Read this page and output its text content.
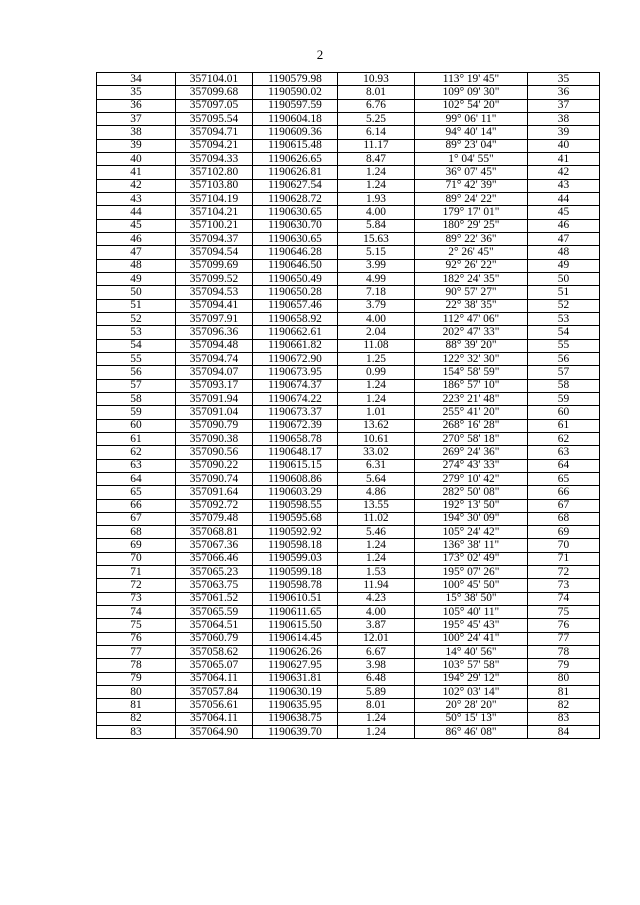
2
34	357104.01	1190579.98	10.93	113° 19' 45"	35
35	357099.68	1190590.02	8.01	109° 09' 30"	36
36	357097.05	1190597.59	6.76	102° 54' 20"	37
37	357095.54	1190604.18	5.25	99° 06' 11"	38
38	357094.71	1190609.36	6.14	94° 40' 14"	39
39	357094.21	1190615.48	11.17	89° 23' 04"	40
40	357094.33	1190626.65	8.47	1° 04' 55"	41
41	357102.80	1190626.81	1.24	36° 07' 45"	42
42	357103.80	1190627.54	1.24	71° 42' 39"	43
43	357104.19	1190628.72	1.93	89° 24' 22"	44
44	357104.21	1190630.65	4.00	179° 17' 01"	45
45	357100.21	1190630.70	5.84	180° 29' 25"	46
46	357094.37	1190630.65	15.63	89° 22' 36"	47
47	357094.54	1190646.28	5.15	2° 26' 45"	48
48	357099.69	1190646.50	3.99	92° 26' 22"	49
49	357099.52	1190650.49	4.99	182° 24' 35"	50
50	357094.53	1190650.28	7.18	90° 57' 27"	51
51	357094.41	1190657.46	3.79	22° 38' 35"	52
52	357097.91	1190658.92	4.00	112° 47' 06"	53
53	357096.36	1190662.61	2.04	202° 47' 33"	54
54	357094.48	1190661.82	11.08	88° 39' 20"	55
55	357094.74	1190672.90	1.25	122° 32' 30"	56
56	357094.07	1190673.95	0.99	154° 58' 59"	57
57	357093.17	1190674.37	1.24	186° 57' 10"	58
58	357091.94	1190674.22	1.24	223° 21' 48"	59
59	357091.04	1190673.37	1.01	255° 41' 20"	60
60	357090.79	1190672.39	13.62	268° 16' 28"	61
61	357090.38	1190658.78	10.61	270° 58' 18"	62
62	357090.56	1190648.17	33.02	269° 24' 36"	63
63	357090.22	1190615.15	6.31	274° 43' 33"	64
64	357090.74	1190608.86	5.64	279° 10' 42"	65
65	357091.64	1190603.29	4.86	282° 50' 08"	66
66	357092.72	1190598.55	13.55	192° 13' 50"	67
67	357079.48	1190595.68	11.02	194° 30' 09"	68
68	357068.81	1190592.92	5.46	105° 24' 42"	69
69	357067.36	1190598.18	1.24	136° 38' 11"	70
70	357066.46	1190599.03	1.24	173° 02' 49"	71
71	357065.23	1190599.18	1.53	195° 07' 26"	72
72	357063.75	1190598.78	11.94	100° 45' 50"	73
73	357061.52	1190610.51	4.23	15° 38' 50"	74
74	357065.59	1190611.65	4.00	105° 40' 11"	75
75	357064.51	1190615.50	3.87	195° 45' 43"	76
76	357060.79	1190614.45	12.01	100° 24' 41"	77
77	357058.62	1190626.26	6.67	14° 40' 56"	78
78	357065.07	1190627.95	3.98	103° 57' 58"	79
79	357064.11	1190631.81	6.48	194° 29' 12"	80
80	357057.84	1190630.19	5.89	102° 03' 14"	81
81	357056.61	1190635.95	8.01	20° 28' 20"	82
82	357064.11	1190638.75	1.24	50° 15' 13"	83
83	357064.90	1190639.70	1.24	86° 46' 08"	84
